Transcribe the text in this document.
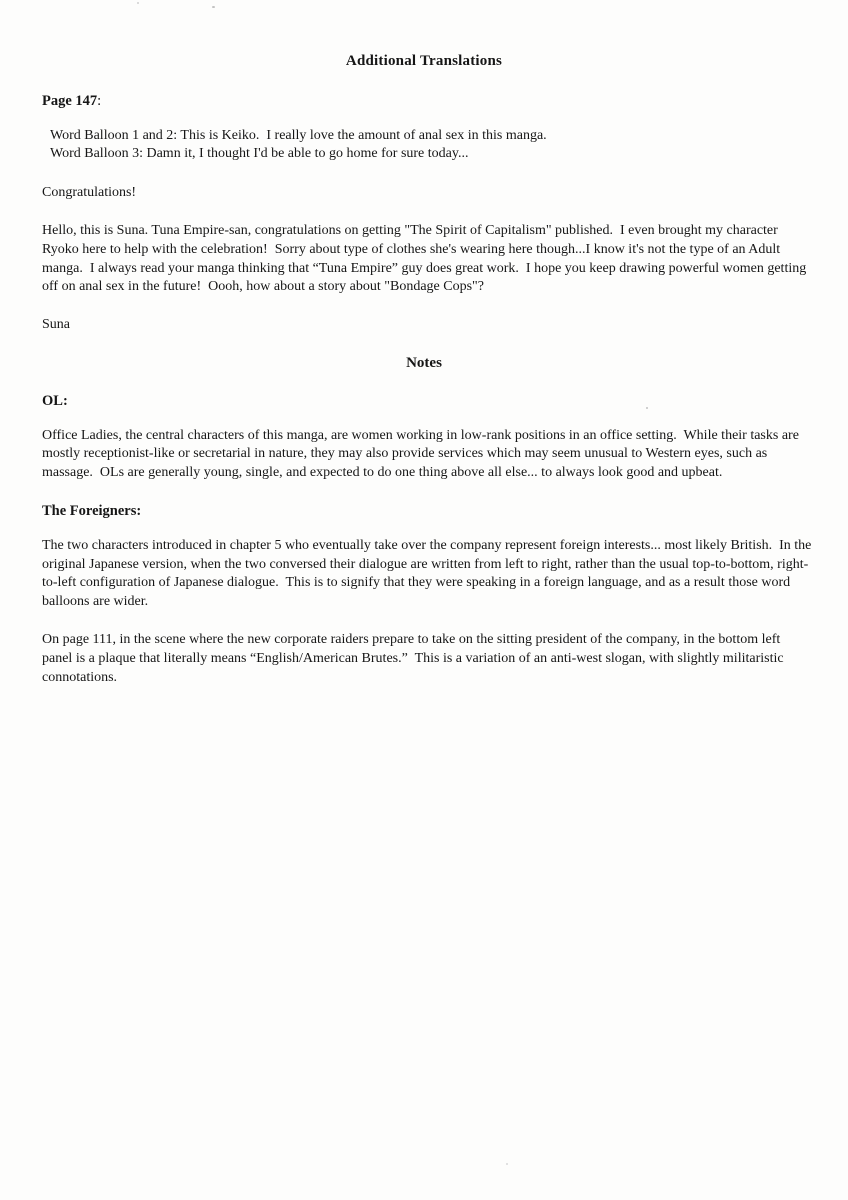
Additional Translations
Page 147:
Word Balloon 1 and 2: This is Keiko.  I really love the amount of anal sex in this manga.
Word Balloon 3: Damn it, I thought I'd be able to go home for sure today...
Congratulations!
Hello, this is Suna. Tuna Empire-san, congratulations on getting "The Spirit of Capitalism" published.  I even brought my character Ryoko here to help with the celebration!  Sorry about type of clothes she's wearing here though...I know it's not the type of an Adult manga.  I always read your manga thinking that “Tuna Empire” guy does great work.  I hope you keep drawing powerful women getting off on anal sex in the future!  Oooh, how about a story about "Bondage Cops"?
Suna
Notes
OL:
Office Ladies, the central characters of this manga, are women working in low-rank positions in an office setting.  While their tasks are mostly receptionist-like or secretarial in nature, they may also provide services which may seem unusual to Western eyes, such as massage.  OLs are generally young, single, and expected to do one thing above all else... to always look good and upbeat.
The Foreigners:
The two characters introduced in chapter 5 who eventually take over the company represent foreign interests... most likely British.  In the original Japanese version, when the two conversed their dialogue are written from left to right, rather than the usual top-to-bottom, right-to-left configuration of Japanese dialogue.  This is to signify that they were speaking in a foreign language, and as a result those word balloons are wider.
On page 111, in the scene where the new corporate raiders prepare to take on the sitting president of the company, in the bottom left panel is a plaque that literally means “English/American Brutes.”  This is a variation of an anti-west slogan, with slightly militaristic connotations.
